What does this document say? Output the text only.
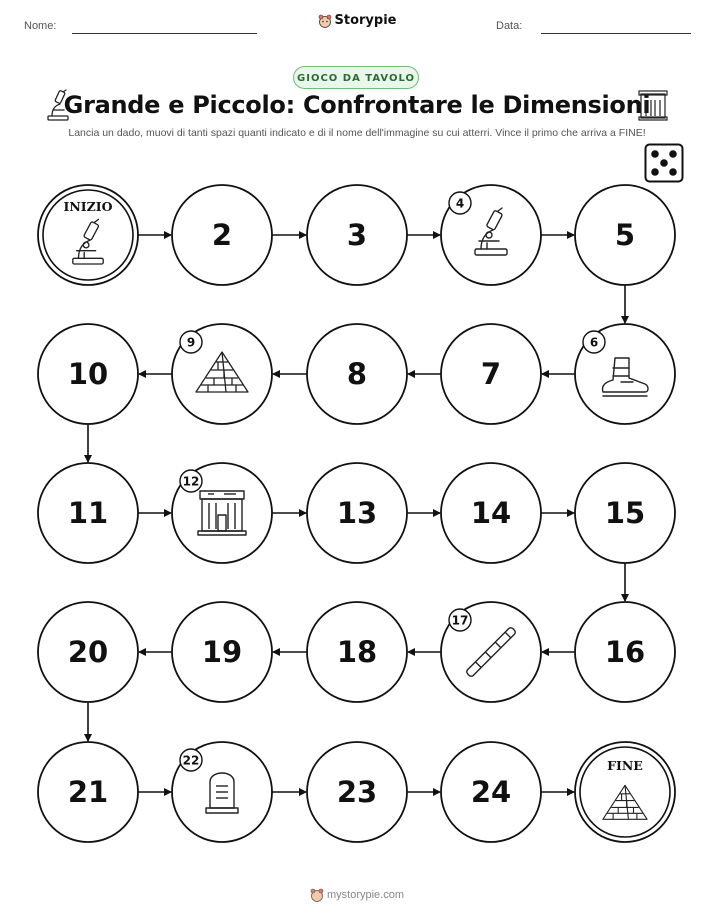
Nome:	Storypie	Data:
GIOCO DA TAVOLO
Grande e Piccolo: Confrontare le Dimensioni
Lancia un dado, muovi di tanti spazi quanti indicato e di il nome dell'immagine su cui atterri. Vince il primo che arriva a FINE!
INIZIO
2	3
4
5
6
7
8
9
10
11
12
13	14	15
16
17
18
19
20
21
22
23	24
FINE
mystorypie.com
